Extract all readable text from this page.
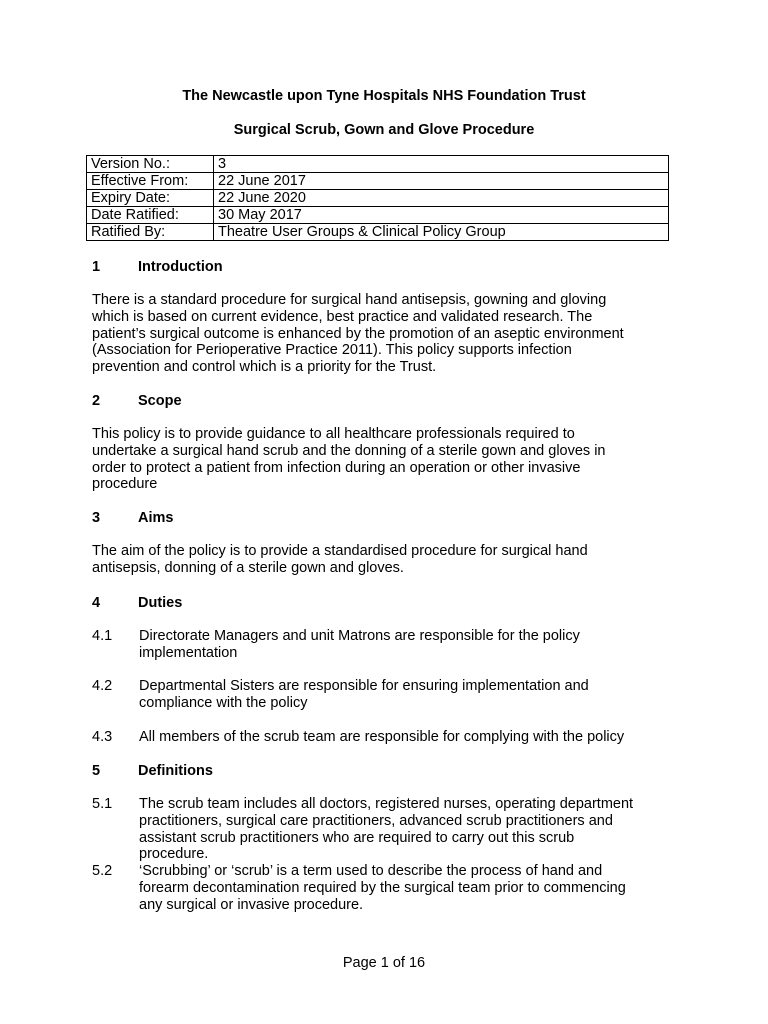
The Newcastle upon Tyne Hospitals NHS Foundation Trust
Surgical Scrub, Gown and Glove Procedure
Version No.:	3
Effective From:	22 June 2017
Expiry Date:	22 June 2020
Date Ratified:	30 May 2017
Ratified By:	Theatre User Groups & Clinical Policy Group
1	Introduction
There is a standard procedure for surgical hand antisepsis, gowning and gloving
which is based on current evidence, best practice and validated research. The
patient’s surgical outcome is enhanced by the promotion of an aseptic environment
(Association for Perioperative Practice 2011). This policy supports infection
prevention and control which is a priority for the Trust.
2	Scope
This policy is to provide guidance to all healthcare professionals required to
undertake a surgical hand scrub and the donning of a sterile gown and gloves in
order to protect a patient from infection during an operation or other invasive
procedure
3	Aims
The aim of the policy is to provide a standardised procedure for surgical hand
antisepsis, donning of a sterile gown and gloves.
4	Duties
4.1 Directorate Managers and unit Matrons are responsible for the policy
implementation
4.2 Departmental Sisters are responsible for ensuring implementation and
compliance with the policy
4.3 All members of the scrub team are responsible for complying with the policy
5	Definitions
5.1 The scrub team includes all doctors, registered nurses, operating department
practitioners, surgical care practitioners, advanced scrub practitioners and
assistant scrub practitioners who are required to carry out this scrub
procedure.
5.2 ‘Scrubbing’ or ‘scrub’ is a term used to describe the process of hand and
forearm decontamination required by the surgical team prior to commencing
any surgical or invasive procedure.
Page 1 of 16
